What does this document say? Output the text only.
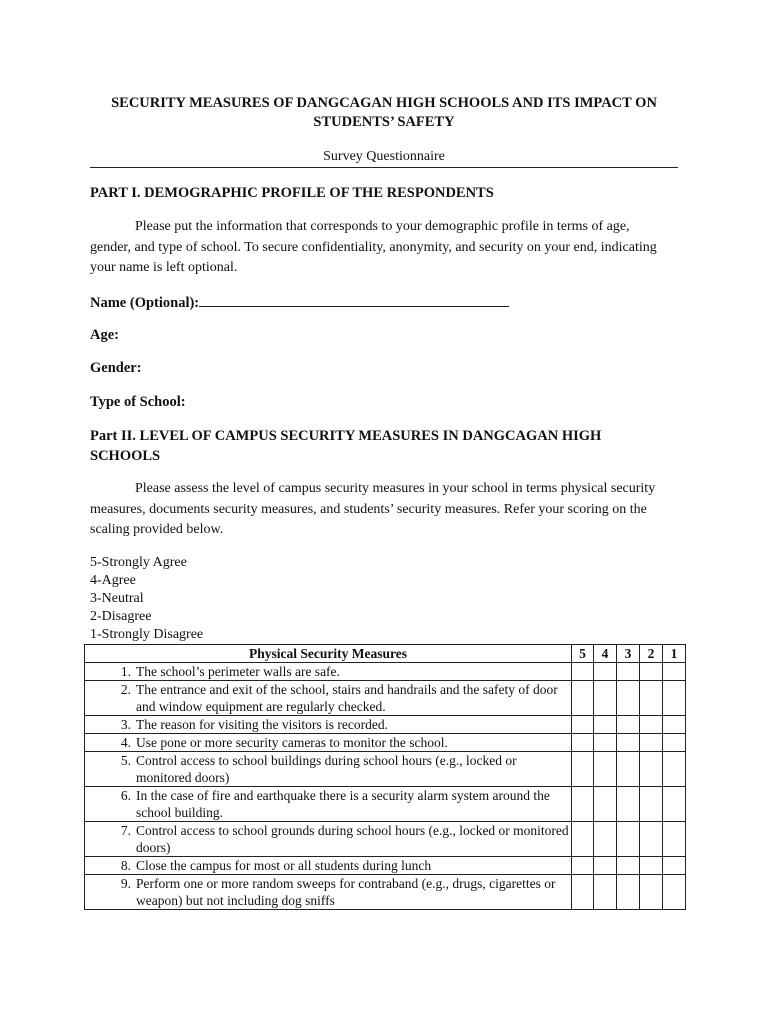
SECURITY MEASURES OF DANGCAGAN HIGH SCHOOLS AND ITS IMPACT ON
STUDENTS’ SAFETY
Survey Questionnaire
PART I. DEMOGRAPHIC PROFILE OF THE RESPONDENTS
Please put the information that corresponds to your demographic profile in terms of age, gender, and type of school. To secure confidentiality, anonymity, and security on your end, indicating your name is left optional.
Name (Optional):
Age:
Gender:
Type of School:
Part II. LEVEL OF CAMPUS SECURITY MEASURES IN DANGCAGAN HIGH
SCHOOLS
Please assess the level of campus security measures in your school in terms physical security measures, documents security measures, and students’ security measures. Refer your scoring on the scaling provided below.
5-Strongly Agree
4-Agree
3-Neutral
2-Disagree
1-Strongly Disagree
Physical Security Measures	5	4	3	2	1

1. The school’s perimeter walls are safe.					

2. The entrance and exit of the school, stairs and handrails and the safety of door and window equipment are regularly checked.					

3. The reason for visiting the visitors is recorded.					

4. Use pone or more security cameras to monitor the school.					

5. Control access to school buildings during school hours (e.g., locked or monitored doors)					

6. In the case of fire and earthquake there is a security alarm system around the school building.					

7. Control access to school grounds during school hours (e.g., locked or monitored doors)					

8. Close the campus for most or all students during lunch					

9. Perform one or more random sweeps for contraband (e.g., drugs, cigarettes or weapon) but not including dog sniffs					
